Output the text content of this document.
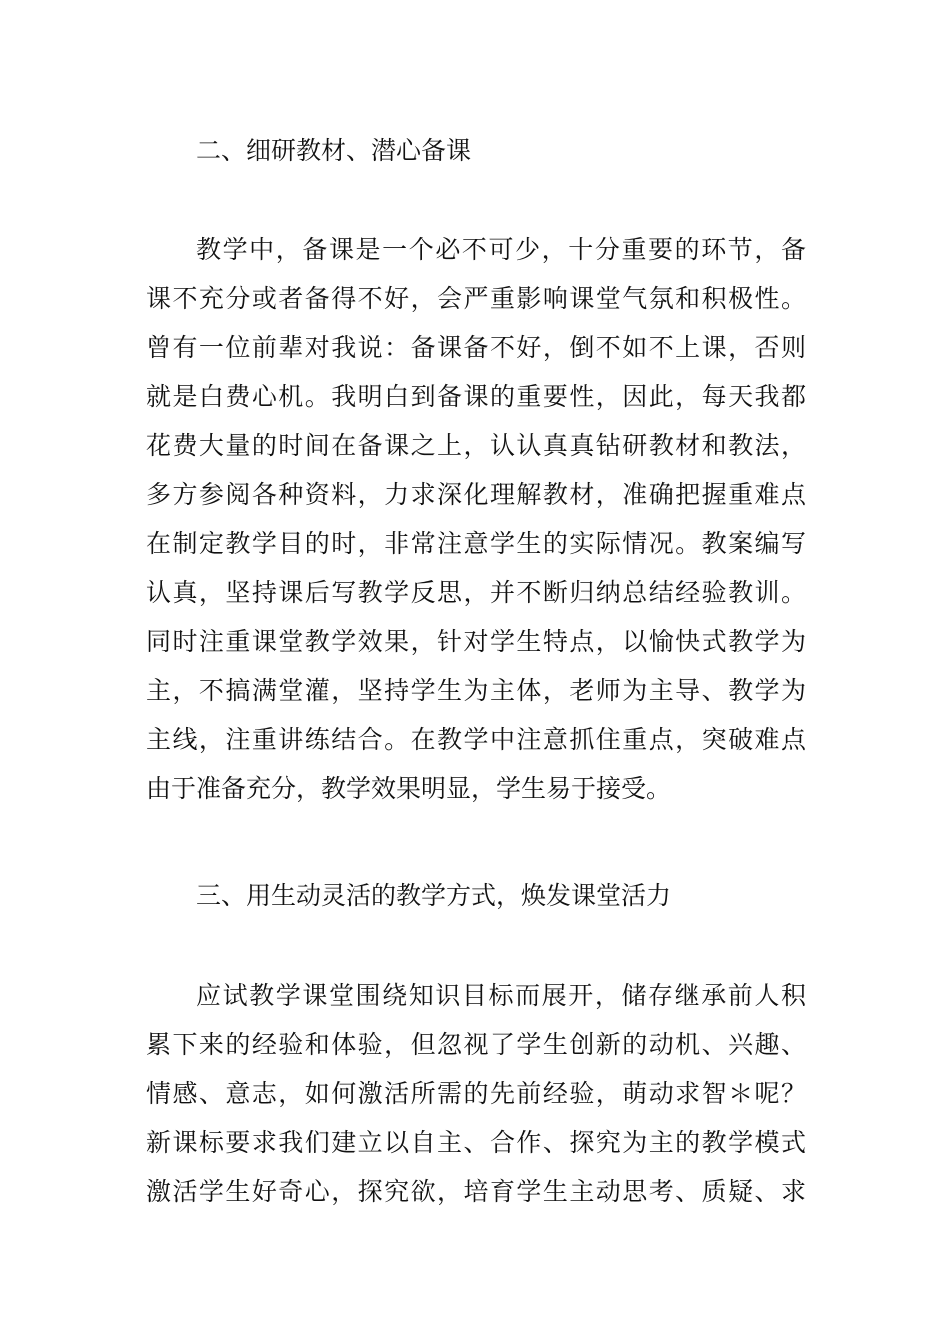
二、细研教材、潜心备课
教学中，备课是一个必不可少，十分重要的环节，备
课不充分或者备得不好，会严重影响课堂气氛和积极性。
曾有一位前辈对我说：备课备不好，倒不如不上课，否则
就是白费心机。我明白到备课的重要性，因此，每天我都
花费大量的时间在备课之上，认认真真钻研教材和教法，
多方参阅各种资料，力求深化理解教材，准确把握重难点
在制定教学目的时，非常注意学生的实际情况。教案编写
认真，坚持课后写教学反思，并不断归纳总结经验教训。
同时注重课堂教学效果，针对学生特点，以愉快式教学为
主，不搞满堂灌，坚持学生为主体，老师为主导、教学为
主线，注重讲练结合。在教学中注意抓住重点，突破难点
由于准备充分，教学效果明显，学生易于接受。
三、用生动灵活的教学方式，焕发课堂活力
应试教学课堂围绕知识目标而展开，储存继承前人积
累下来的经验和体验，但忽视了学生创新的动机、兴趣、
情感、意志，如何激活所需的先前经验，萌动求智＊呢？
新课标要求我们建立以自主、合作、探究为主的教学模式
激活学生好奇心，探究欲，培育学生主动思考、质疑、求
